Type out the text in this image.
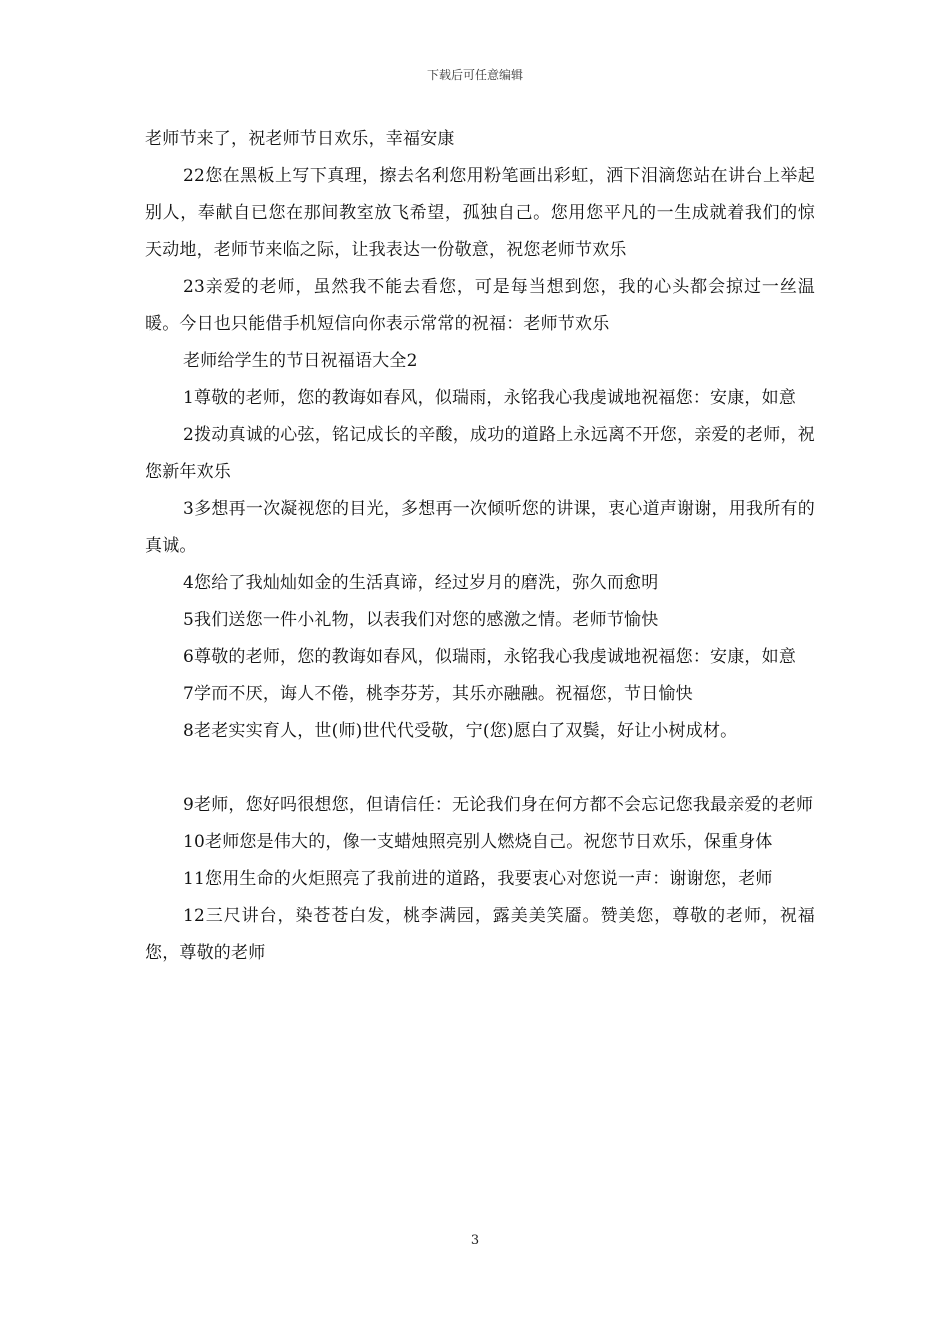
下载后可任意编辑

老师节来了，祝老师节日欢乐，幸福安康

22您在黑板上写下真理，擦去名利您用粉笔画出彩虹，洒下泪滴您站在讲台上举起别人，奉献自已您在那间教室放飞希望，孤独自己。您用您平凡的一生成就着我们的惊天动地，老师节来临之际，让我表达一份敬意，祝您老师节欢乐

23亲爱的老师，虽然我不能去看您，可是每当想到您，我的心头都会掠过一丝温暖。今日也只能借手机短信向你表示常常的祝福：老师节欢乐

老师给学生的节日祝福语大全2

1尊敬的老师，您的教诲如春风，似瑞雨，永铭我心我虔诚地祝福您：安康，如意

2拨动真诚的心弦，铭记成长的辛酸，成功的道路上永远离不开您，亲爱的老师，祝您新年欢乐

3多想再一次凝视您的目光，多想再一次倾听您的讲课，衷心道声谢谢，用我所有的真诚。

4您给了我灿灿如金的生活真谛，经过岁月的磨洗，弥久而愈明

5我们送您一件小礼物，以表我们对您的感激之情。老师节愉快

6尊敬的老师，您的教诲如春风，似瑞雨，永铭我心我虔诚地祝福您：安康，如意

7学而不厌，诲人不倦，桃李芬芳，其乐亦融融。祝福您，节日愉快

8老老实实育人，世(师)世代代受敬，宁(您)愿白了双鬓，好让小树成材。

9老师，您好吗很想您，但请信任：无论我们身在何方都不会忘记您我最亲爱的老师

10老师您是伟大的，像一支蜡烛照亮别人燃烧自己。祝您节日欢乐，保重身体

11您用生命的火炬照亮了我前进的道路，我要衷心对您说一声：谢谢您，老师

12三尺讲台，染苍苍白发，桃李满园，露美美笑靥。赞美您，尊敬的老师，祝福您，尊敬的老师

3
